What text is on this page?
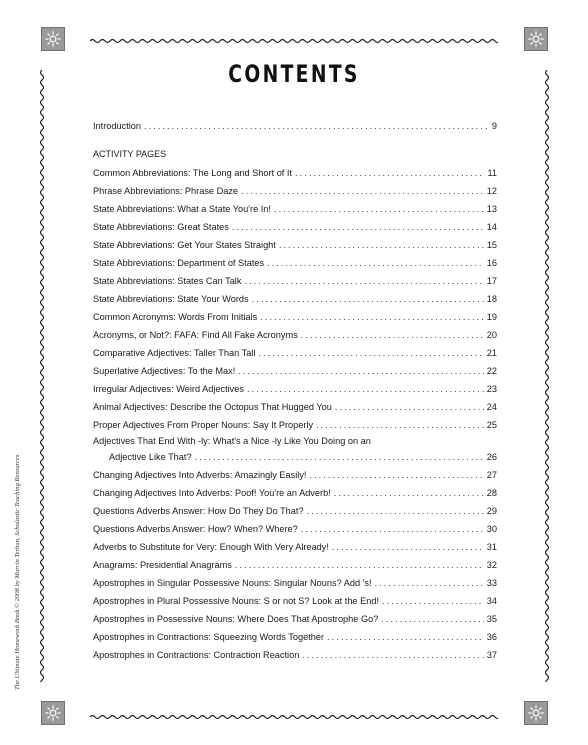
CONTENTS
The Ultimate Homework Book © 2008 by Marvin Terban, Scholastic Teaching Resources
Introduction . . .	9
ACTIVITY PAGES
Common Abbreviations: The Long and Short of It . . .	11
Phrase Abbreviations: Phrase Daze . . .	12
State Abbreviations: What a State You're In! . . .	13
State Abbreviations: Great States . . .	14
State Abbreviations: Get Your States Straight . . .	15
State Abbreviations: Department of States . . .	16
State Abbreviations: States Can Talk . . .	17
State Abbreviations: State Your Words . . .	18
Common Acronyms: Words From Initials . . .	19
Acronyms, or Not?: FAFA: Find All Fake Acronyms . . .	20
Comparative Adjectives: Taller Than Tall . . .	21
Superlative Adjectives: To the Max! . . .	22
Irregular Adjectives: Weird Adjectives . . .	23
Animal Adjectives: Describe the Octopus That Hugged You . . .	24
Proper Adjectives From Proper Nouns: Say It Properly . . .	25
Adjectives That End With -ly: What's a Nice -ly Like You Doing on an
Adjective Like That? . . .	26
Changing Adjectives Into Adverbs: Amazingly Easily! . . .	27
Changing Adjectives Into Adverbs: Poof! You're an Adverb! . . .	28
Questions Adverbs Answer: How Do They Do That? . . .	29
Questions Adverbs Answer: How? When? Where? . . .	30
Adverbs to Substitute for Very: Enough With Very Already! . . .	31
Anagrams: Presidential Anagrams . . .	32
Apostrophes in Singular Possessive Nouns: Singular Nouns? Add 's! . . .	33
Apostrophes in Plural Possessive Nouns: S or not S? Look at the End! . . .	34
Apostrophes in Possessive Nouns: Where Does That Apostrophe Go? . . .	35
Apostrophes in Contractions: Squeezing Words Together . . .	36
Apostrophes in Contractions: Contraction Reaction . . .	37
